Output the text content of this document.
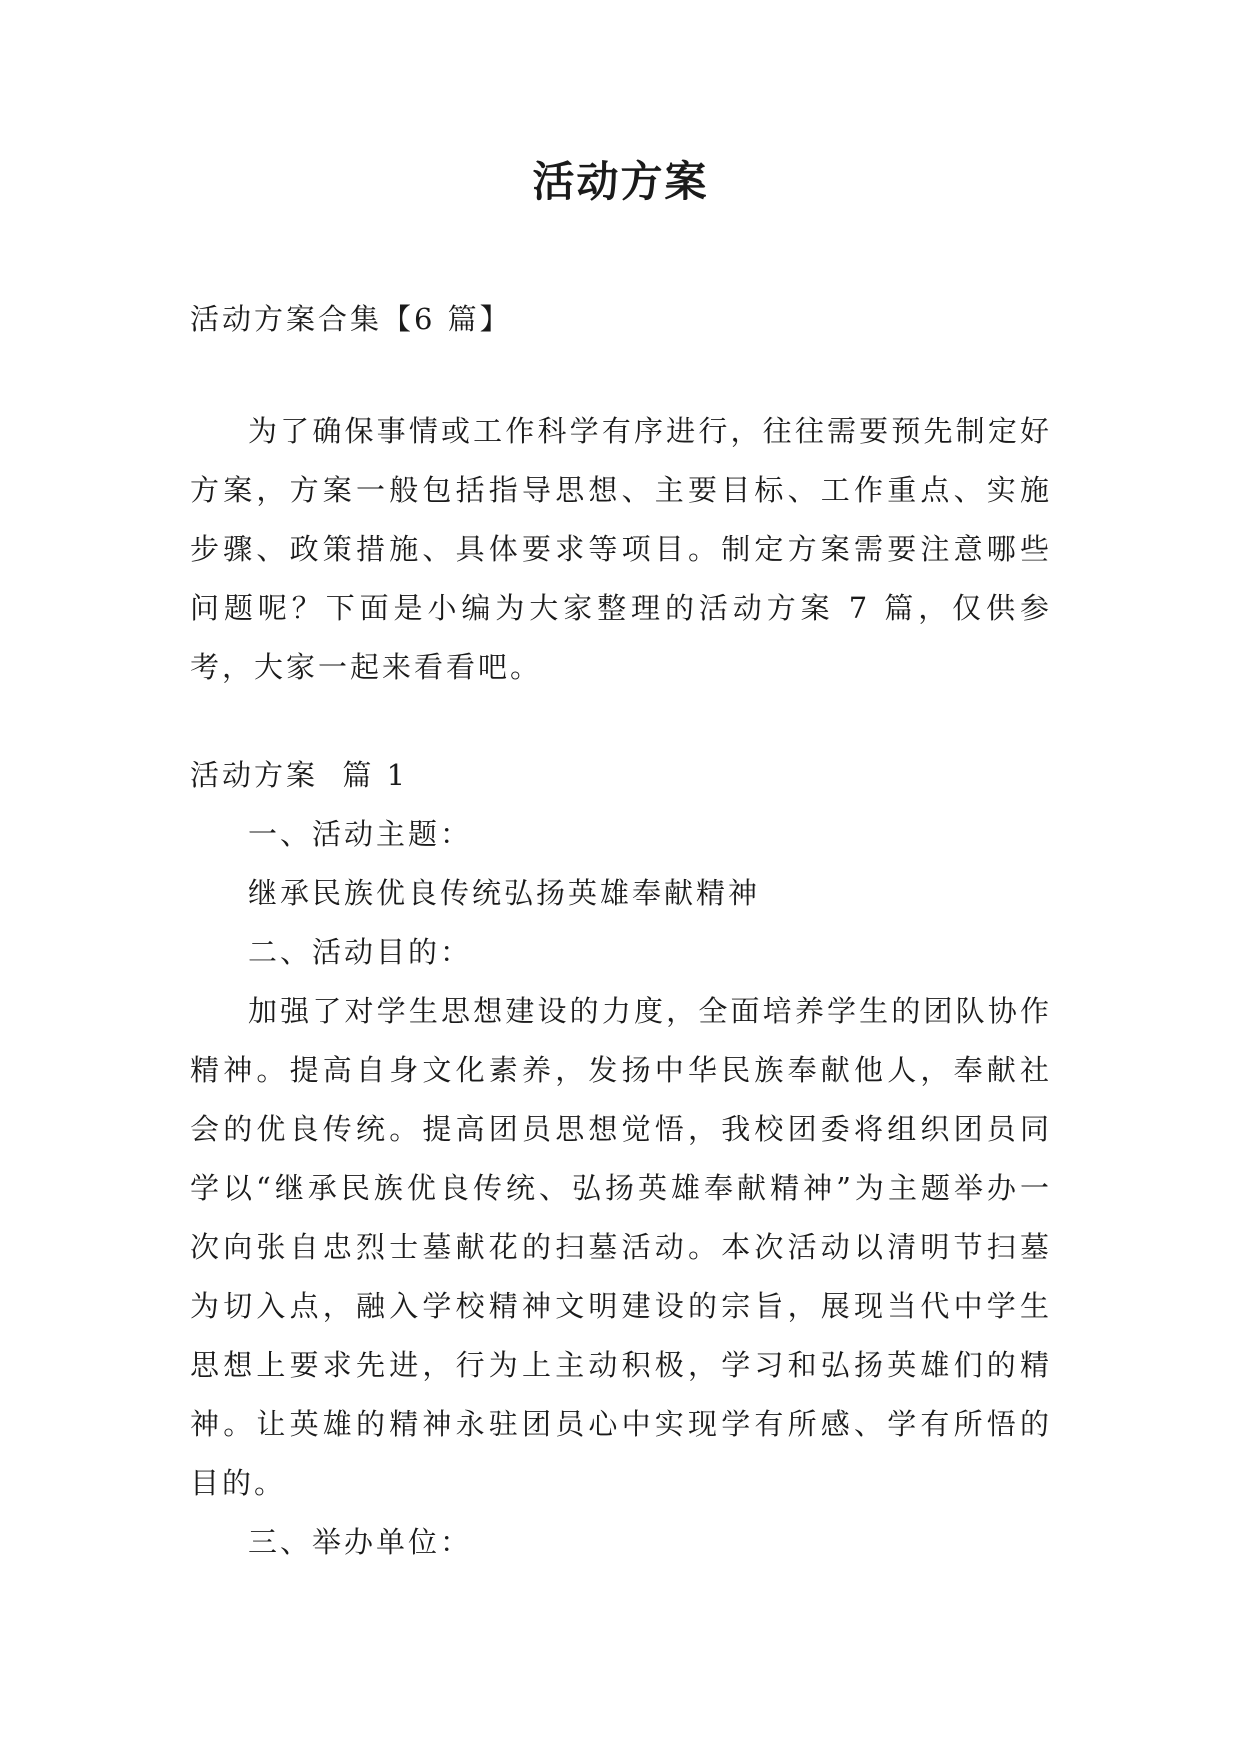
活动方案

活动方案合集【6 篇】

为了确保事情或工作科学有序进行，往往需要预先制定好方案，方案一般包括指导思想、主要目标、工作重点、实施步骤、政策措施、具体要求等项目。制定方案需要注意哪些问题呢？下面是小编为大家整理的活动方案 7 篇，仅供参考，大家一起来看看吧。

活动方案  篇 1

一、活动主题：

继承民族优良传统弘扬英雄奉献精神

二、活动目的：

加强了对学生思想建设的力度，全面培养学生的团队协作精神。提高自身文化素养，发扬中华民族奉献他人，奉献社会的优良传统。提高团员思想觉悟，我校团委将组织团员同学以“继承民族优良传统、弘扬英雄奉献精神”为主题举办一次向张自忠烈士墓献花的扫墓活动。本次活动以清明节扫墓为切入点，融入学校精神文明建设的宗旨，展现当代中学生思想上要求先进，行为上主动积极，学习和弘扬英雄们的精神。让英雄的精神永驻团员心中实现学有所感、学有所悟的目的。

三、举办单位：
